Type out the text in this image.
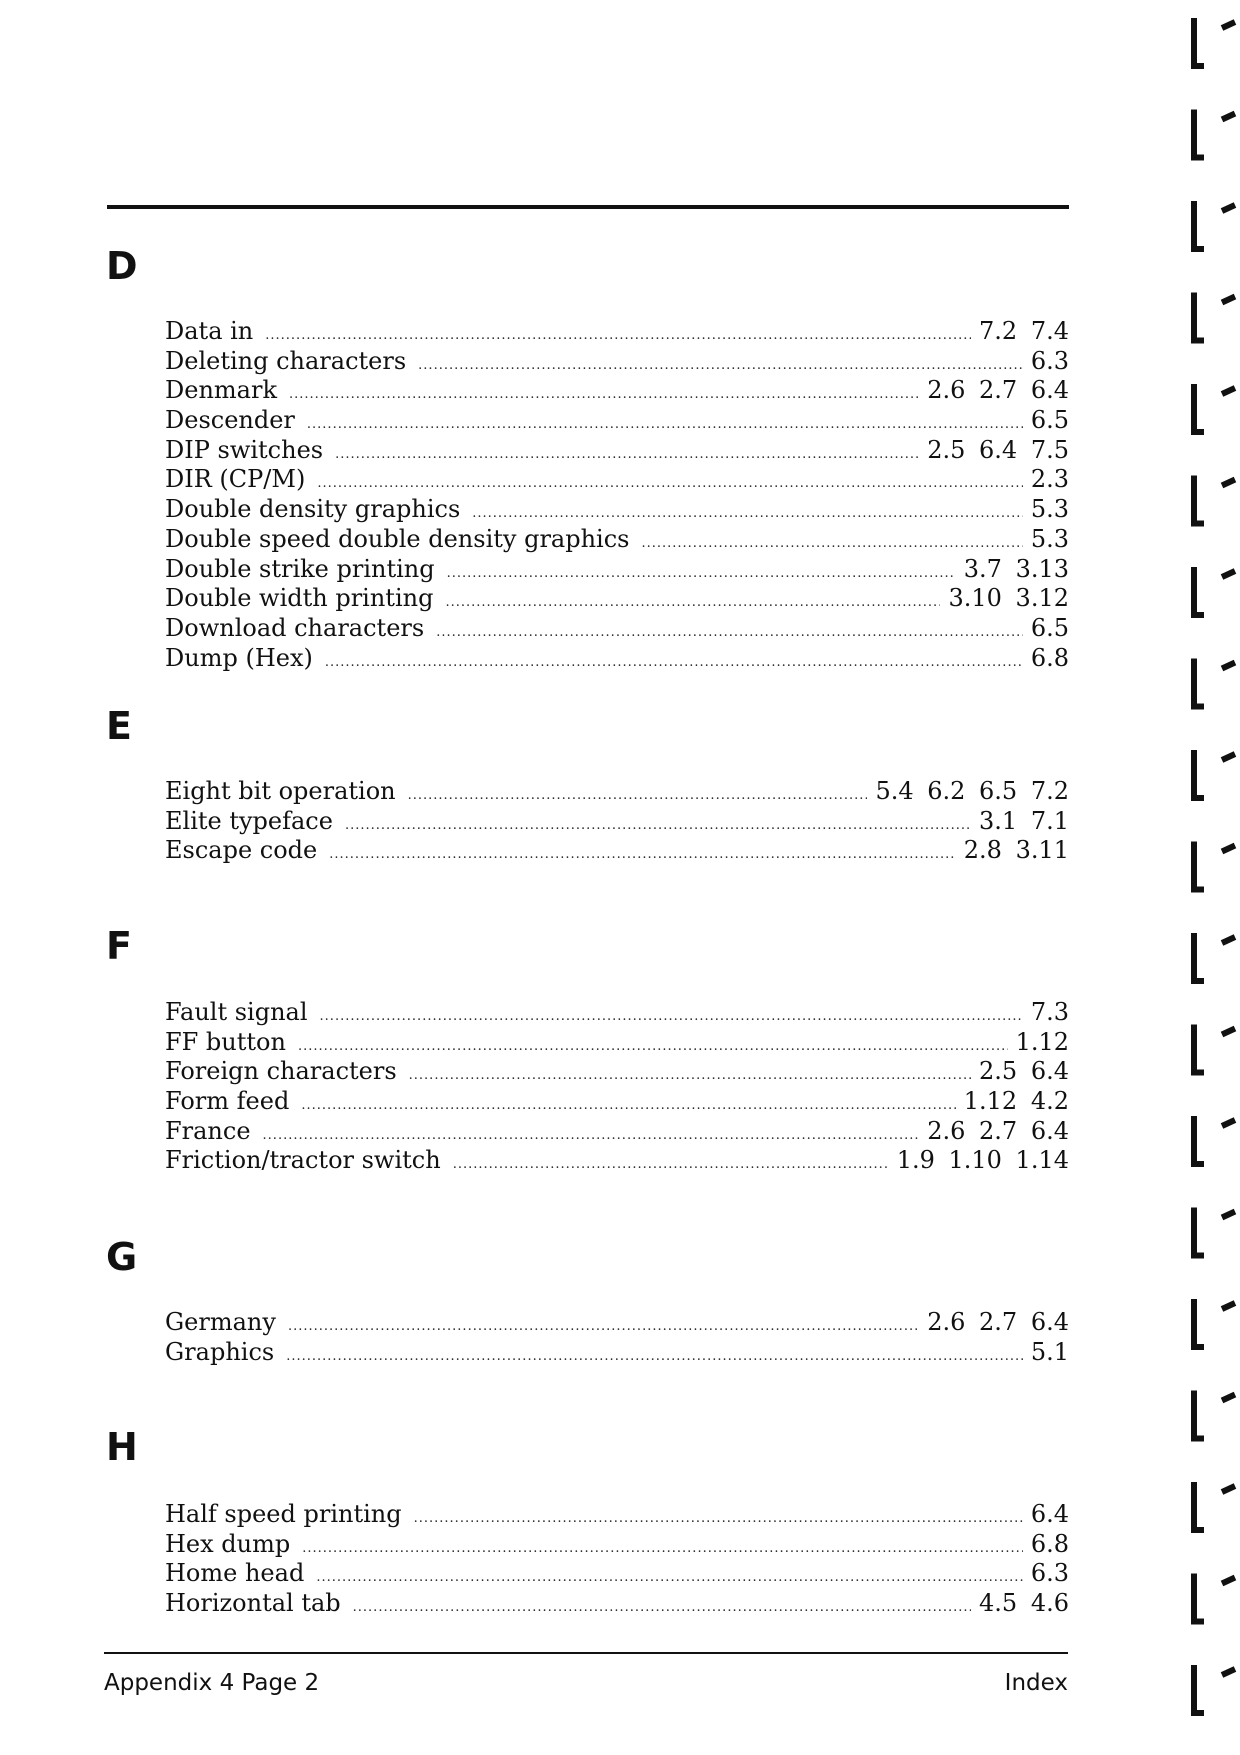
D
Data in .....	7.2 7.4
Deleting characters .....	6.3
Denmark .....	2.6 2.7 6.4
Descender .....	6.5
DIP switches .....	2.5 6.4 7.5
DIR (CP/M) .....	2.3
Double density graphics .....	5.3
Double speed double density graphics .....	5.3
Double strike printing .....	3.7 3.13
Double width printing .....	3.10 3.12
Download characters .....	6.5
Dump (Hex) .....	6.8
E
Eight bit operation .....	5.4 6.2 6.5 7.2
Elite typeface .....	3.1 7.1
Escape code .....	2.8 3.11
F
Fault signal .....	7.3
FF button .....	1.12
Foreign characters .....	2.5 6.4
Form feed .....	1.12 4.2
France .....	2.6 2.7 6.4
Friction/tractor switch .....	1.9 1.10 1.14
G
Germany .....	2.6 2.7 6.4
Graphics .....	5.1
H
Half speed printing .....	6.4
Hex dump .....	6.8
Home head .....	6.3
Horizontal tab .....	4.5 4.6
Appendix 4 Page 2	Index
